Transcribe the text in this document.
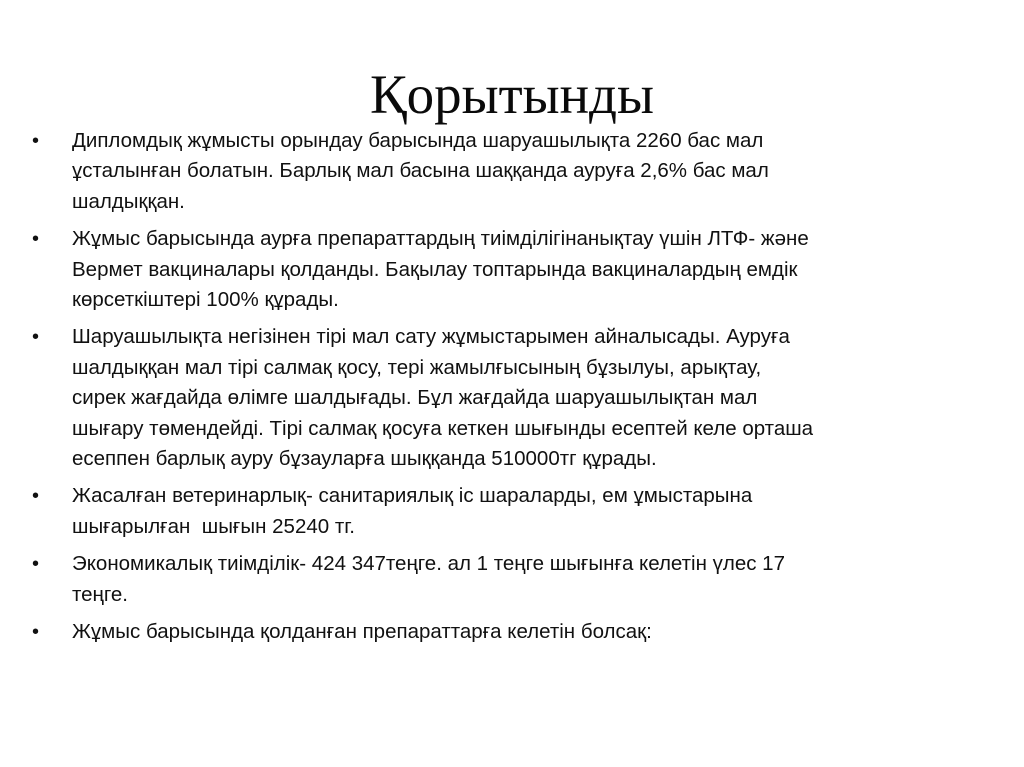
Қорытынды
•	Дипломдық жұмысты орындау барысында шаруашылықта 2260 бас мал
ұсталынған болатын. Барлық мал басына шаққанда ауруға 2,6% бас мал
шалдыққан.
•	Жұмыс барысында аурға препараттардың тиімділігінанықтау үшін ЛТФ- және
Вермет вакциналары қолданды. Бақылау топтарында вакциналардың емдік
көрсеткіштері 100% құрады.
•	Шаруашылықта негізінен тірі мал сату жұмыстарымен айналысады. Ауруға
шалдыққан мал тірі салмақ қосу, тері жамылғысының бұзылуы, арықтау,
сирек жағдайда өлімге шалдығады. Бұл жағдайда шаруашылықтан мал
шығару төмендейді. Тірі салмақ қосуға кеткен шығынды есептей келе орташа
есеппен барлық ауру бұзауларға шыққанда 510000тг құрады.
•	Жасалған ветеринарлық- санитариялық іс шараларды, ем ұмыстарына
шығарылған  шығын 25240 тг.
•	Экономикалық тиімділік- 424 347теңге. ал 1 теңге шығынға келетін үлес 17
теңге.
•	Жұмыс барысында қолданған препараттарға келетін болсақ:
